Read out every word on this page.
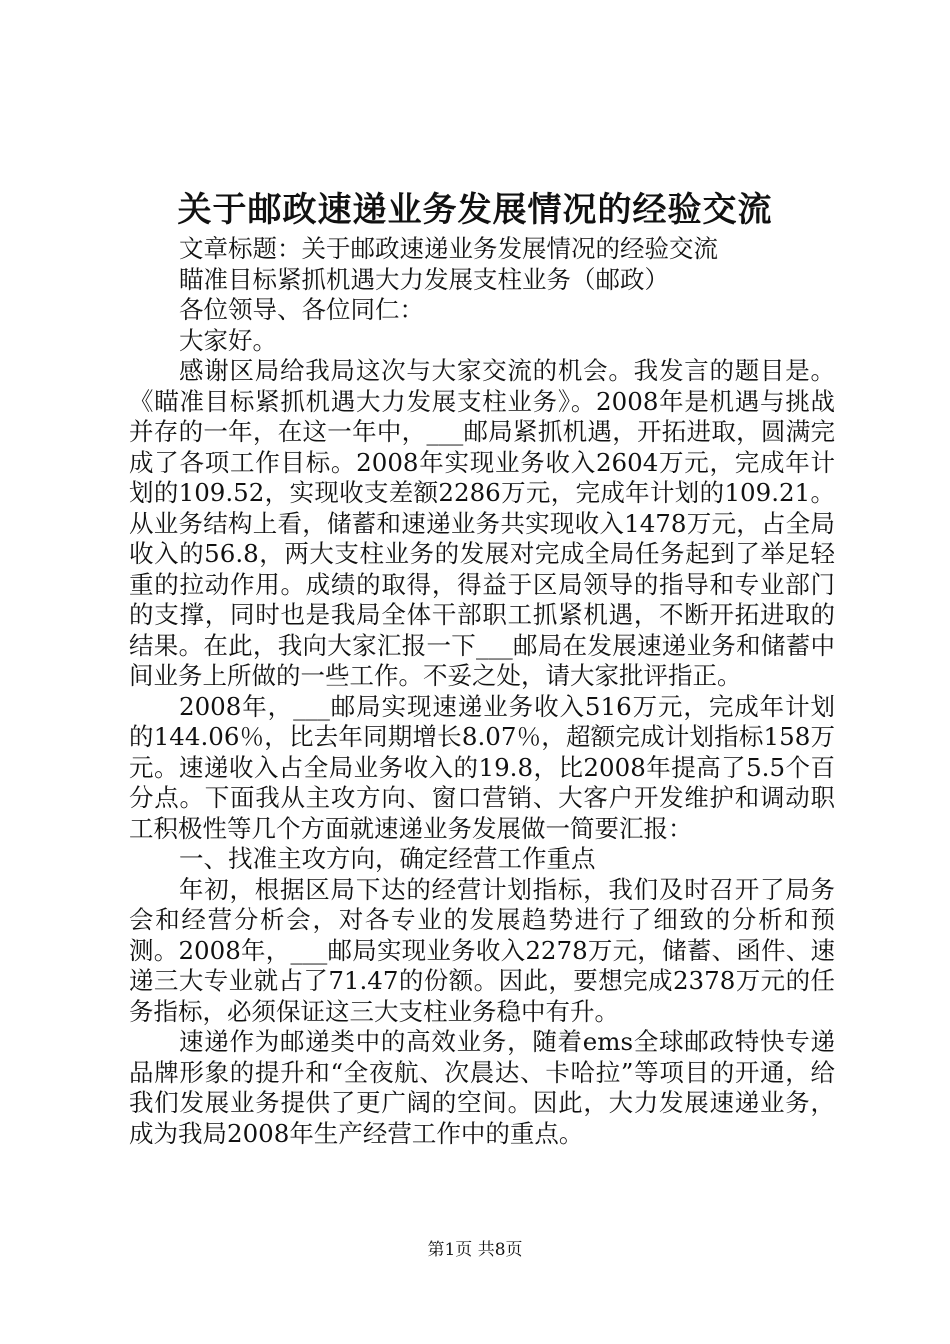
关于邮政速递业务发展情况的经验交流

文章标题：关于邮政速递业务发展情况的经验交流

瞄准目标紧抓机遇大力发展支柱业务（邮政）

各位领导、各位同仁：

大家好。

感谢区局给我局这次与大家交流的机会。我发言的题目是。《瞄准目标紧抓机遇大力发展支柱业务》。2008年是机遇与挑战并存的一年，在这一年中，___邮局紧抓机遇，开拓进取，圆满完成了各项工作目标。2008年实现业务收入2604万元，完成年计划的109.52，实现收支差额2286万元，完成年计划的109.21。从业务结构上看，储蓄和速递业务共实现收入1478万元，占全局收入的56.8，两大支柱业务的发展对完成全局任务起到了举足轻重的拉动作用。成绩的取得，得益于区局领导的指导和专业部门的支撑，同时也是我局全体干部职工抓紧机遇，不断开拓进取的结果。在此，我向大家汇报一下___邮局在发展速递业务和储蓄中间业务上所做的一些工作。不妥之处，请大家批评指正。

2008年，___邮局实现速递业务收入516万元，完成年计划的144.06％，比去年同期增长8.07％，超额完成计划指标158万元。速递收入占全局业务收入的19.8，比2008年提高了5.5个百分点。下面我从主攻方向、窗口营销、大客户开发维护和调动职工积极性等几个方面就速递业务发展做一简要汇报：

一、找准主攻方向，确定经营工作重点

年初，根据区局下达的经营计划指标，我们及时召开了局务会和经营分析会，对各专业的发展趋势进行了细致的分析和预测。2008年，___邮局实现业务收入2278万元，储蓄、函件、速递三大专业就占了71.47的份额。因此，要想完成2378万元的任务指标，必须保证这三大支柱业务稳中有升。

速递作为邮递类中的高效业务，随着ems全球邮政特快专递品牌形象的提升和“全夜航、次晨达、卡哈拉”等项目的开通，给我们发展业务提供了更广阔的空间。因此，大力发展速递业务，成为我局2008年生产经营工作中的重点。

第1页 共8页
